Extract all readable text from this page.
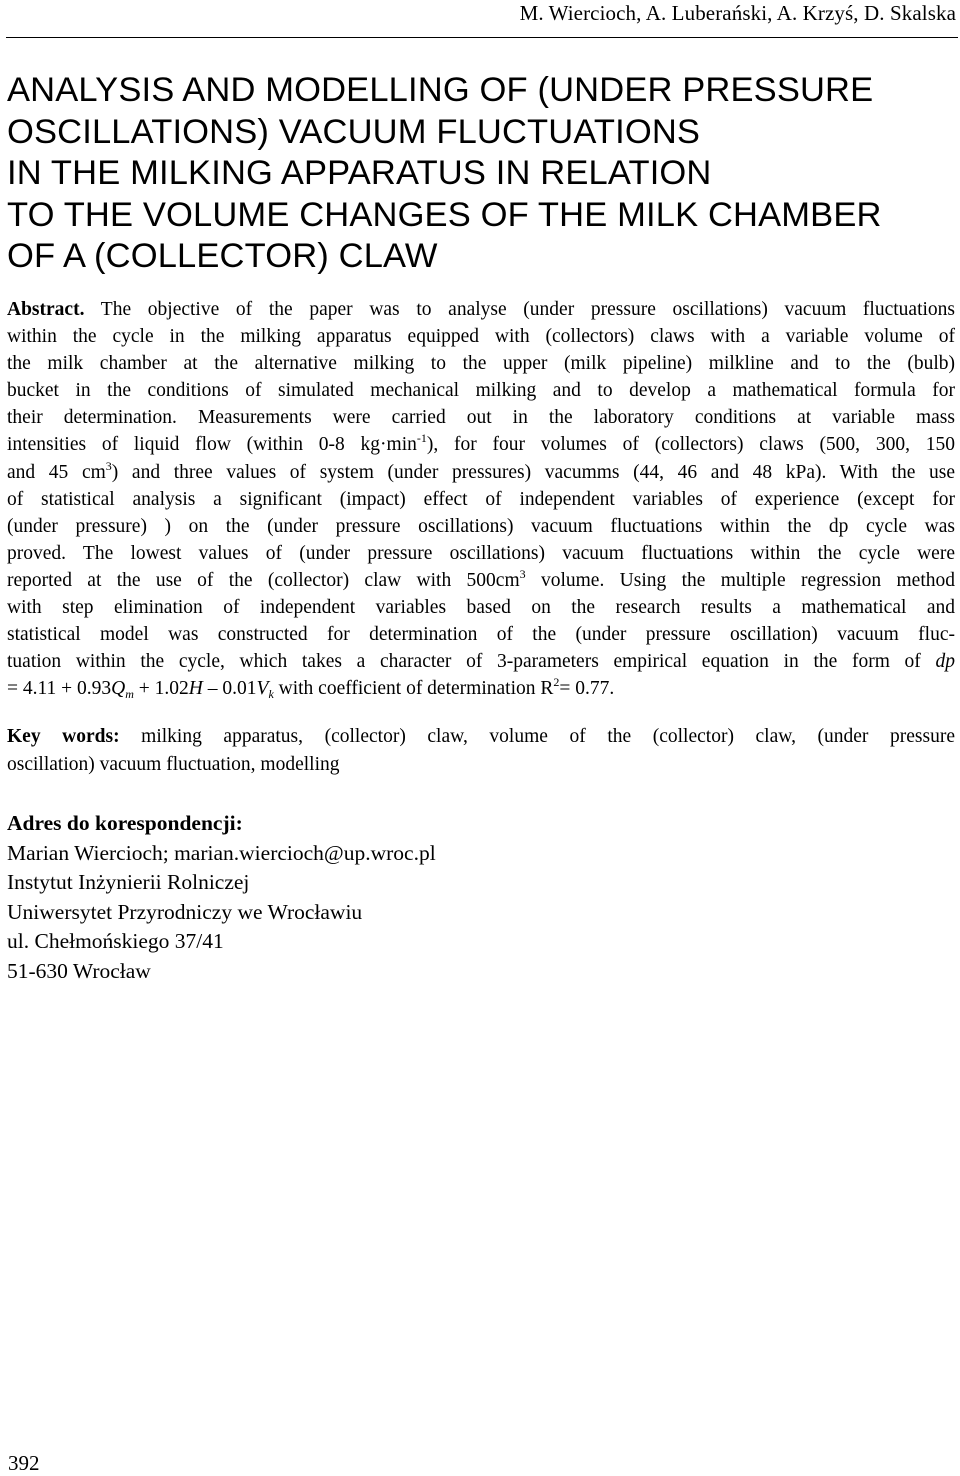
M. Wiercioch, A. Luberański, A. Krzyś, D. Skalska
ANALYSIS AND MODELLING OF (UNDER PRESSURE
OSCILLATIONS) VACUUM FLUCTUATIONS
IN THE MILKING APPARATUS IN RELATION
TO THE VOLUME CHANGES OF THE MILK CHAMBER
OF A (COLLECTOR) CLAW
Abstract. The objective of the paper was to analyse (under pressure oscillations) vacuum fluctuations
within the cycle in the milking apparatus equipped with (collectors) claws with a variable volume of
the milk chamber at the alternative milking to the upper (milk pipeline) milkline and to the (bulb)
bucket in the conditions of simulated mechanical milking and to develop a mathematical formula for
their determination. Measurements were carried out in the laboratory conditions at variable mass
intensities of liquid flow (within 0-8 $kg\cdot\min^{-1}$), for four volumes of (collectors) claws (500, 300, 150
and 45 $cm^3$) and three values of system (under pressures) vacumms (44, 46 and 48 kPa). With the use
of statistical analysis a significant (impact) effect of independent variables of experience (except for
(under pressure) ) on the (under pressure oscillations) vacuum fluctuations within the dp cycle was
proved. The lowest values of (under pressure oscillations) vacuum fluctuations within the cycle were
reported at the use of the (collector) claw with $500cm^3$ volume. Using the multiple regression method
with step elimination of independent variables based on the research results a mathematical and
statistical model was constructed for determination of the (under pressure oscillation) vacuum fluc-
tuation within the cycle, which takes a character of 3-parameters empirical equation in the form of dp
= $4.11 + 0.93Q_m + 1.02H - 0.01V_k$ with coefficient of determination $R^2= 0.77$.
Key words: milking apparatus, (collector) claw, volume of the (collector) claw, (under pressure
oscillation) vacuum fluctuation, modelling
Adres do korespondencji:
Marian Wiercioch; marian.wiercioch@up.wroc.pl
Instytut Inżynierii Rolniczej
Uniwersytet Przyrodniczy we Wrocławiu
ul. Chełmońskiego 37/41
51-630 Wrocław
392
